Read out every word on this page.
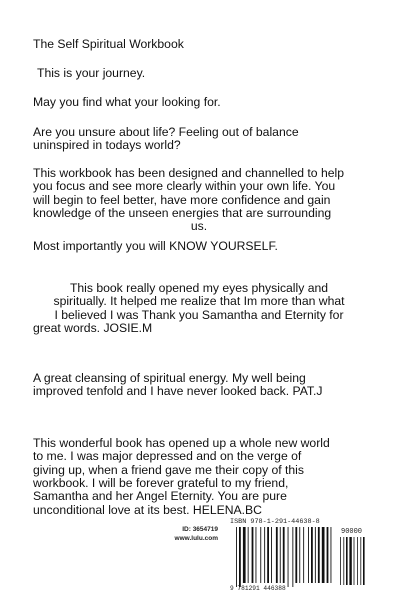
The Self Spiritual Workbook

This is your journey.

May you find what your looking for.

Are you unsure about life? Feeling out of balance

uninspired in todays world?

This workbook has been designed and channelled to help

you focus and see more clearly within your own life. You

will begin to feel better, have more confidence and gain

knowledge of the unseen energies that are surrounding

us.

Most importantly you will KNOW YOURSELF.

This book really opened my eyes physically and

spiritually. It helped me realize that Im more than what

I believed I was Thank you Samantha and Eternity for

great words. JOSIE.M

A great cleansing of spiritual energy. My well being

improved tenfold and I have never looked back. PAT.J

This wonderful book has opened up a whole new world

to me. I was major depressed and on the verge of

giving up, when a friend gave me their copy of this

workbook. I will be forever grateful to my friend,

Samantha and her Angel Eternity. You are pure

unconditional love at its best. HELENA.BC

ID: 3654719
www.lulu.com
ISBN 978-1-291-44638-8
90000
9 781291 446388
